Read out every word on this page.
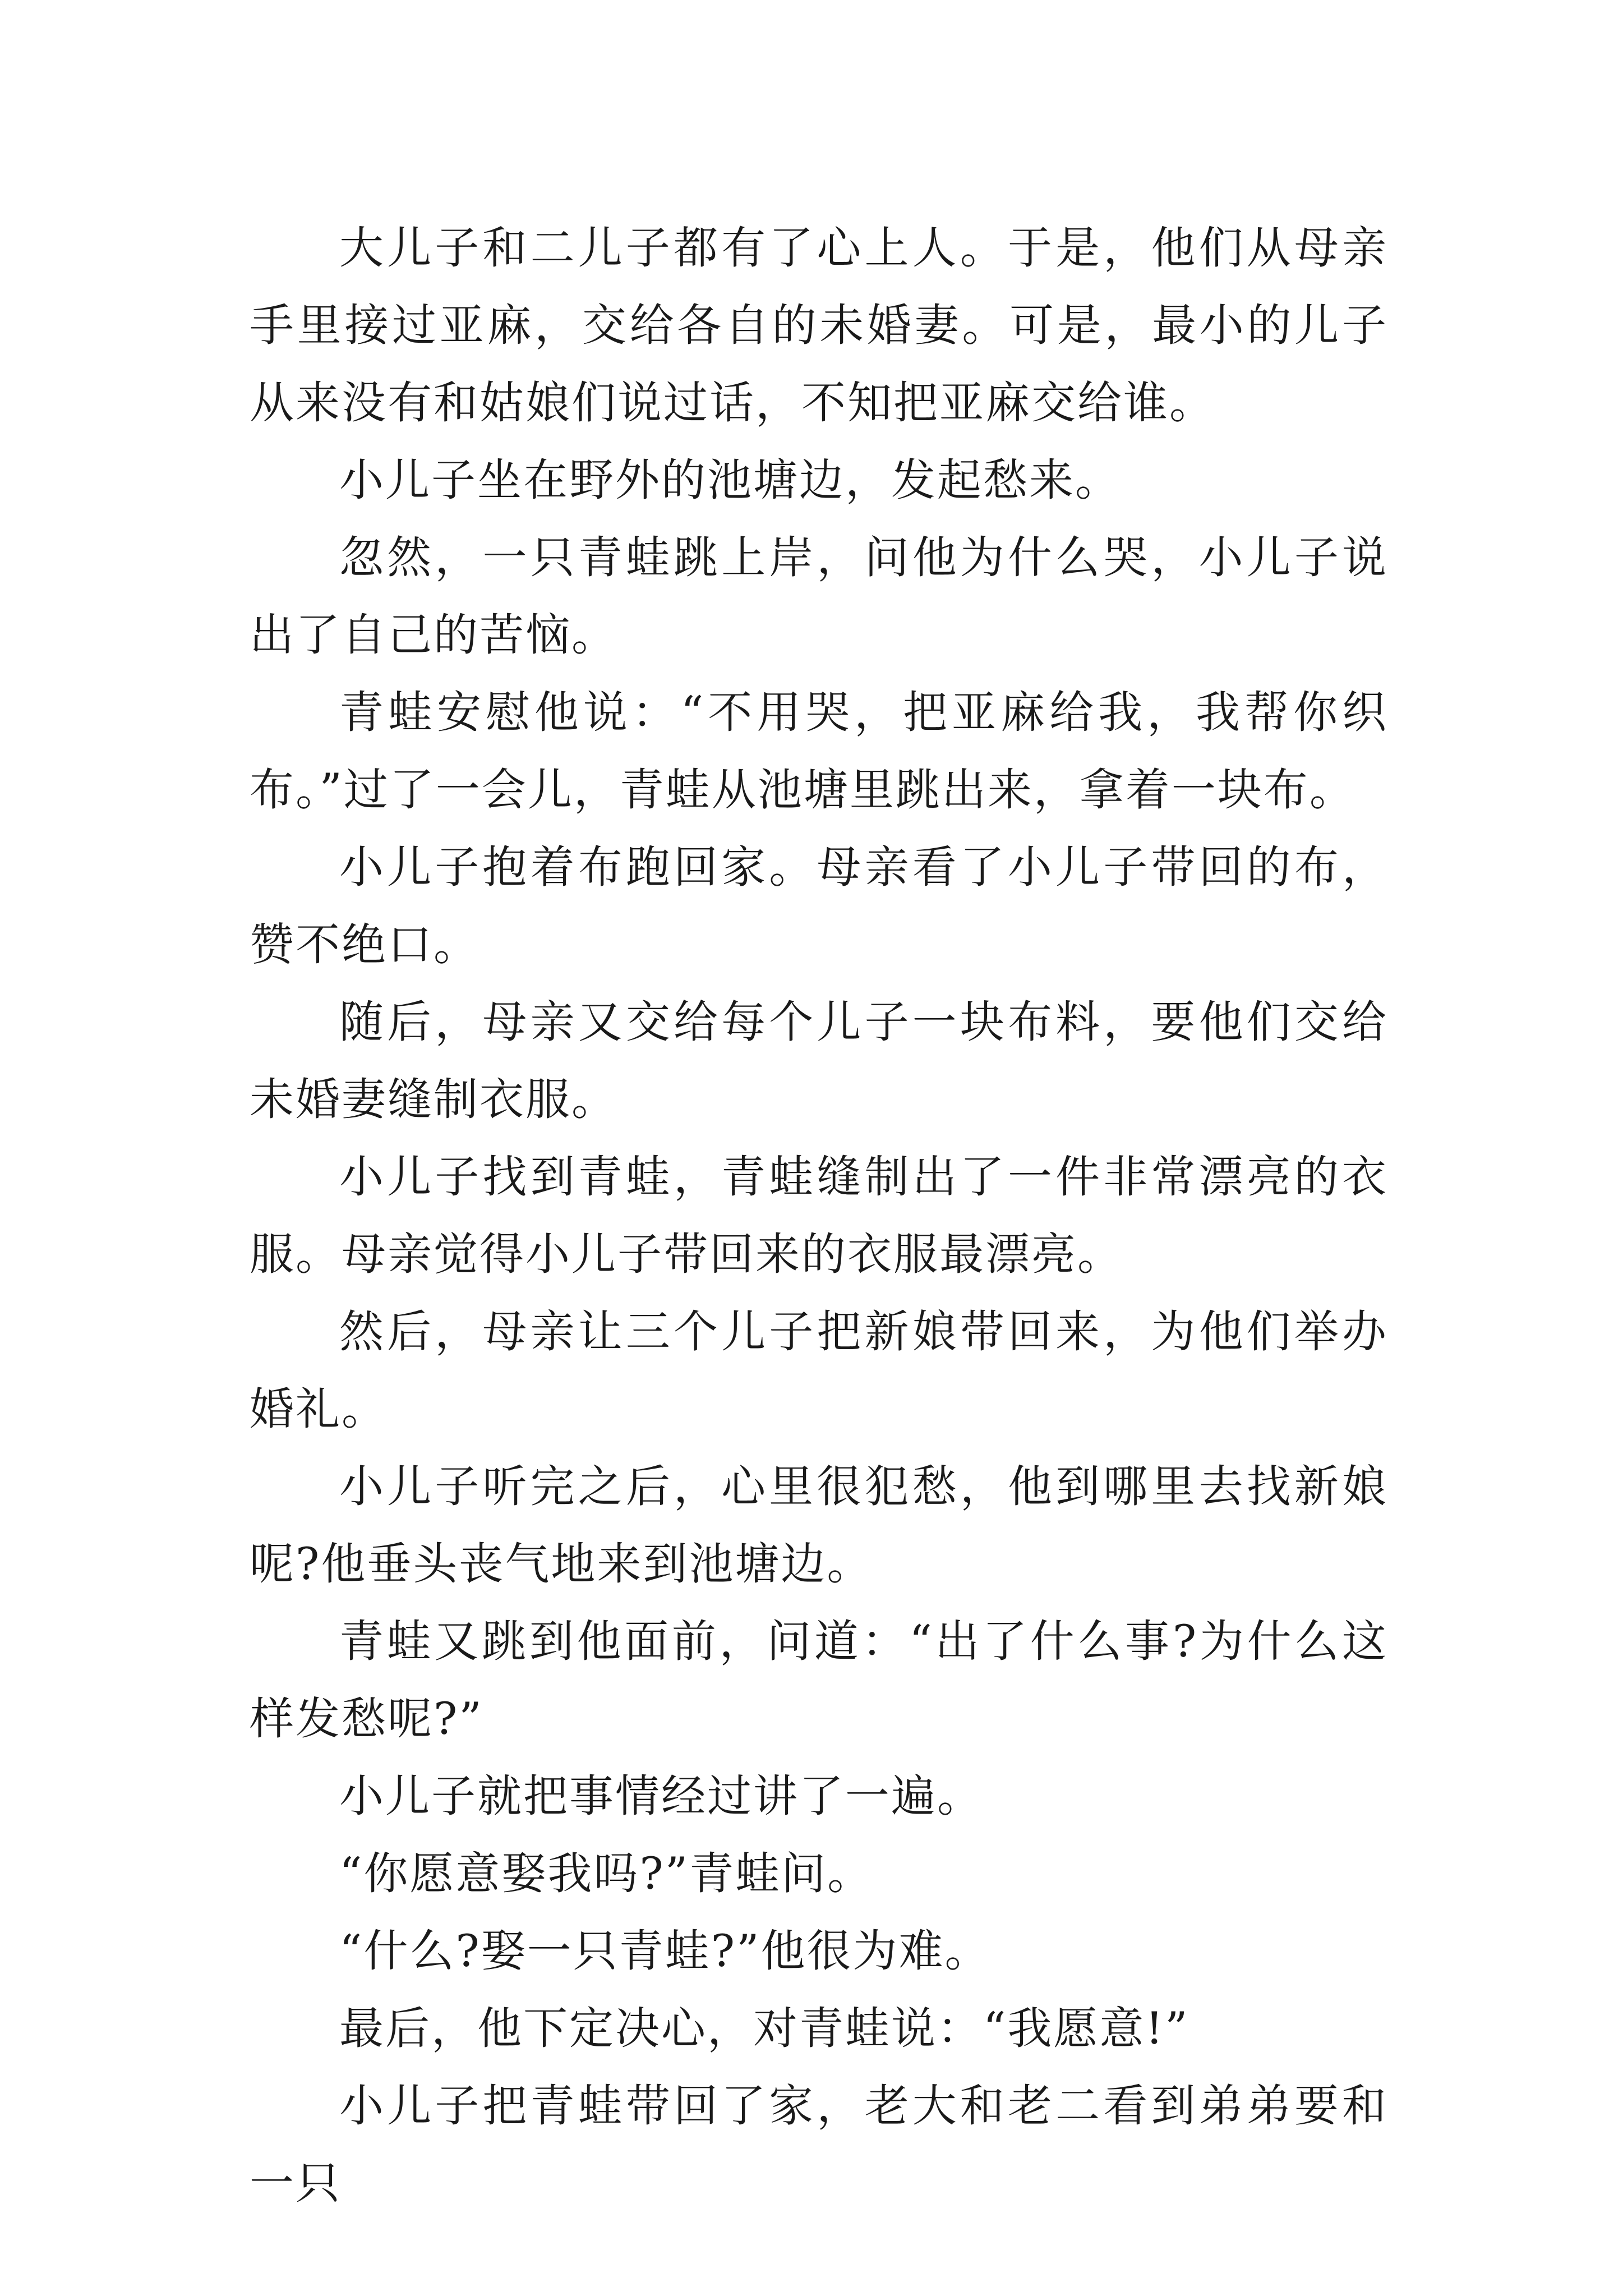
大儿子和二儿子都有了心上人。于是，他们从母亲手里接过亚麻，交给各自的未婚妻。可是，最小的儿子从来没有和姑娘们说过话，不知把亚麻交给谁。

小儿子坐在野外的池塘边，发起愁来。

忽然，一只青蛙跳上岸，问他为什么哭，小儿子说出了自己的苦恼。

青蛙安慰他说：“不用哭，把亚麻给我，我帮你织布。”过了一会儿，青蛙从池塘里跳出来，拿着一块布。

小儿子抱着布跑回家。母亲看了小儿子带回的布，赞不绝口。

随后，母亲又交给每个儿子一块布料，要他们交给未婚妻缝制衣服。

小儿子找到青蛙，青蛙缝制出了一件非常漂亮的衣服。母亲觉得小儿子带回来的衣服最漂亮。

然后，母亲让三个儿子把新娘带回来，为他们举办婚礼。

小儿子听完之后，心里很犯愁，他到哪里去找新娘呢?他垂头丧气地来到池塘边。

青蛙又跳到他面前，问道：“出了什么事?为什么这样发愁呢?”

小儿子就把事情经过讲了一遍。

“你愿意娶我吗?”青蛙问。

“什么?娶一只青蛙?”他很为难。

最后，他下定决心，对青蛙说：“我愿意!”

小儿子把青蛙带回了家，老大和老二看到弟弟要和一只
